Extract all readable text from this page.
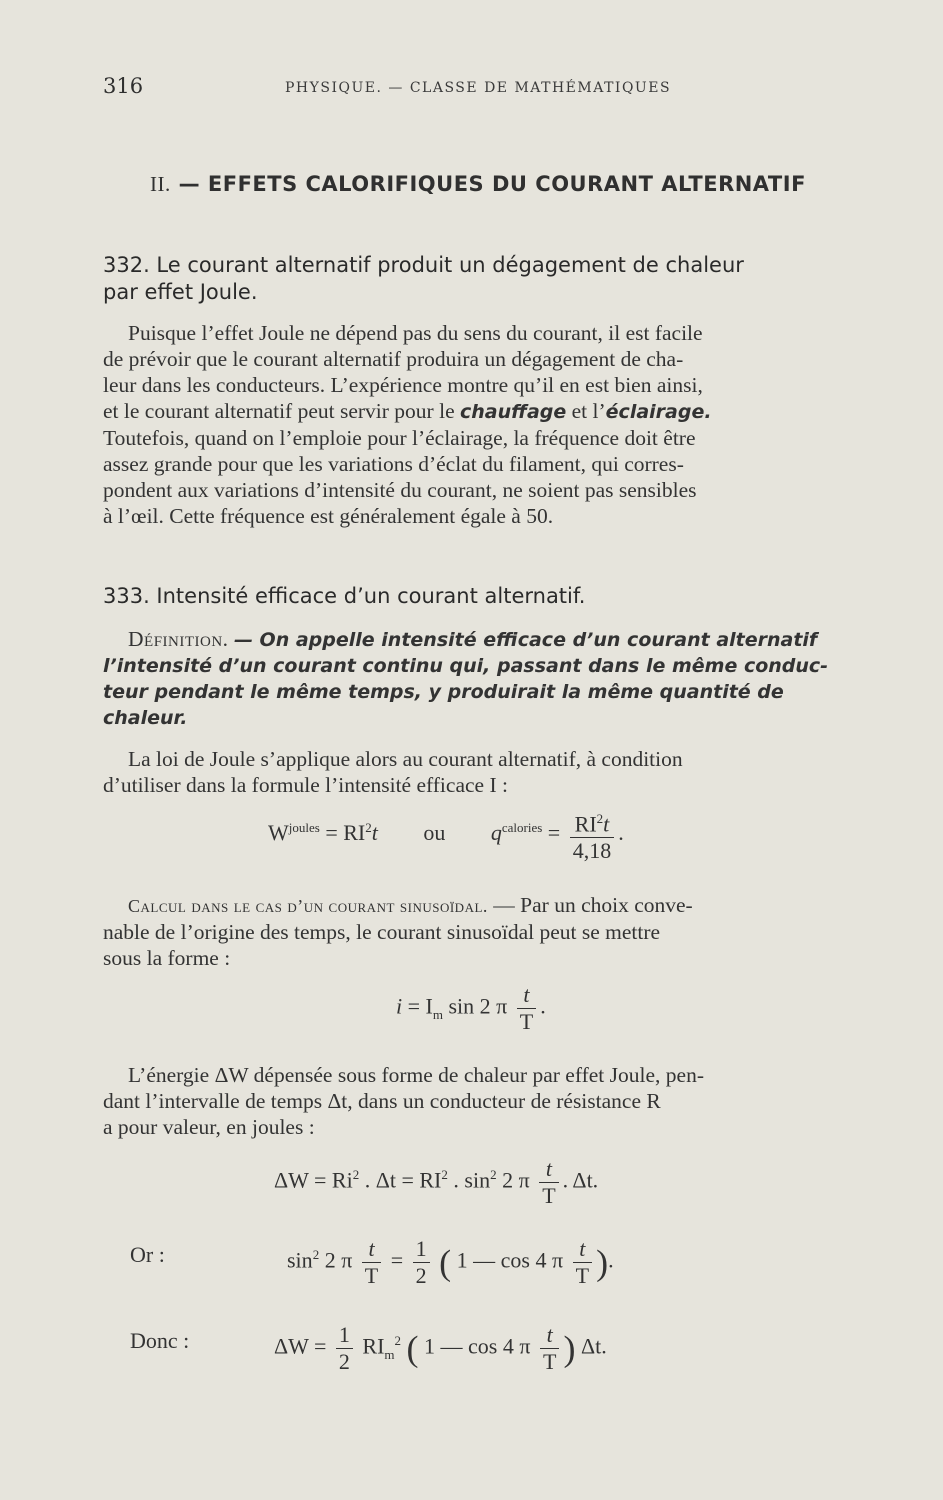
316	PHYSIQUE. — CLASSE DE MATHÉMATIQUES
II. — EFFETS CALORIFIQUES DU COURANT ALTERNATIF
332. Le courant alternatif produit un dégagement de chaleur
par effet Joule.
Puisque l’effet Joule ne dépend pas du sens du courant, il est facile
de prévoir que le courant alternatif produira un dégagement de cha-
leur dans les conducteurs. L’expérience montre qu’il en est bien ainsi,
et le courant alternatif peut servir pour le chauffage et l’éclairage.
Toutefois, quand on l’emploie pour l’éclairage, la fréquence doit être
assez grande pour que les variations d’éclat du filament, qui corres-
pondent aux variations d’intensité du courant, ne soient pas sensibles
à l’œil. Cette fréquence est généralement égale à 50.
333. Intensité efficace d’un courant alternatif.
Définition. — On appelle intensité efficace d’un courant alternatif
l’intensité d’un courant continu qui, passant dans le même conduc-
teur pendant le même temps, y produirait la même quantité de
chaleur.
La loi de Joule s’applique alors au courant alternatif, à condition
d’utiliser dans la formule l’intensité efficace I :
$W^{joules} = RI^2t$ ou $q^{calories} = \frac{RI^2t}{4,18}$ .
Calcul dans le cas d’un courant sinusoïdal. — Par un choix conve-
nable de l’origine des temps, le courant sinusoïdal peut se mettre
sous la forme :
$i = I_m$ sin 2 π $\frac{t}{T}$ .
L’énergie ΔW dépensée sous forme de chaleur par effet Joule, pen-
dant l’intervalle de temps Δt, dans un conducteur de résistance R
a pour valeur, en joules :
$\Delta W = Ri^2$ . $\Delta t = RI^2$ . $\sin^2 2$ π $\frac{t}{T}$ . Δt.
Or :	$\sin^2 2$ π $\frac{t}{T} = \frac{1}{2}$ ( 1 — cos 4 π $\frac{t}{T}$ ).
Donc :	$\Delta W = \frac{1}{2} RI_m^2$ ( 1 — cos 4 π $\frac{t}{T}$ ) Δt.
